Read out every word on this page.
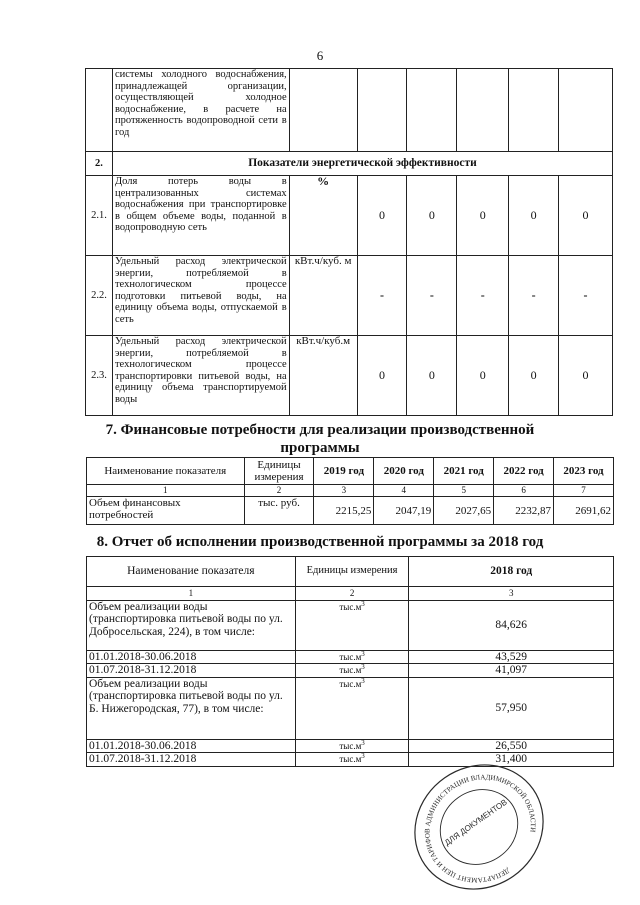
6
	системы холодного водоснабжения, принадлежащей организации, осуществляющей холодное водоснабжение, в расчете на протяженность водопроводной сети в год						
2.	Показатели энергетической эффективности						
2.1.	Доля потерь воды в централизованных системах водоснабжения при транспортировке в общем объеме воды, поданной в водопроводную сеть	%	0	0	0	0	0
2.2.	Удельный расход электрической энергии, потребляемой в технологическом процессе подготовки питьевой воды, на единицу объема воды, отпускаемой в сеть	кВт.ч/куб. м	-	-	-	-	-
2.3.	Удельный расход электрической энергии, потребляемой в технологическом процессе транспортировки питьевой воды, на единицу объема транспортируемой воды	кВт.ч/куб.м	0	0	0	0	0
7. Финансовые потребности для реализации производственной
программы
Наименование показателя	Единицы измерения	2019 год	2020 год	2021 год	2022 год	2023 год
1	2	3	4	5	6	7
Объем финансовых потребностей	тыс. руб.	2215,25	2047,19	2027,65	2232,87	2691,62
8. Отчет об исполнении производственной программы за 2018 год
Наименование показателя	Единицы измерения	2018 год
1	2	3
Объем реализации воды (транспортировка питьевой воды по ул. Добросельская, 224), в том числе:	$тыс.м^3$	84,626
01.01.2018-30.06.2018	$тыс.м^3$	43,529
01.07.2018-31.12.2018	$тыс.м^3$	41,097
Объем реализации воды (транспортировка питьевой воды по ул. Б. Нижегородская, 77), в том числе:	$тыс.м^3$	57,950
01.01.2018-30.06.2018	$тыс.м^3$	26,550
01.07.2018-31.12.2018	$тыс.м^3$	31,400
ДЕПАРТАМЕНТ ЦЕН И ТАРИФОВ АДМИНИСТРАЦИИ ВЛАДИМИРСКОЙ ОБЛАСТИ
ДЛЯ ДОКУМЕНТОВ
